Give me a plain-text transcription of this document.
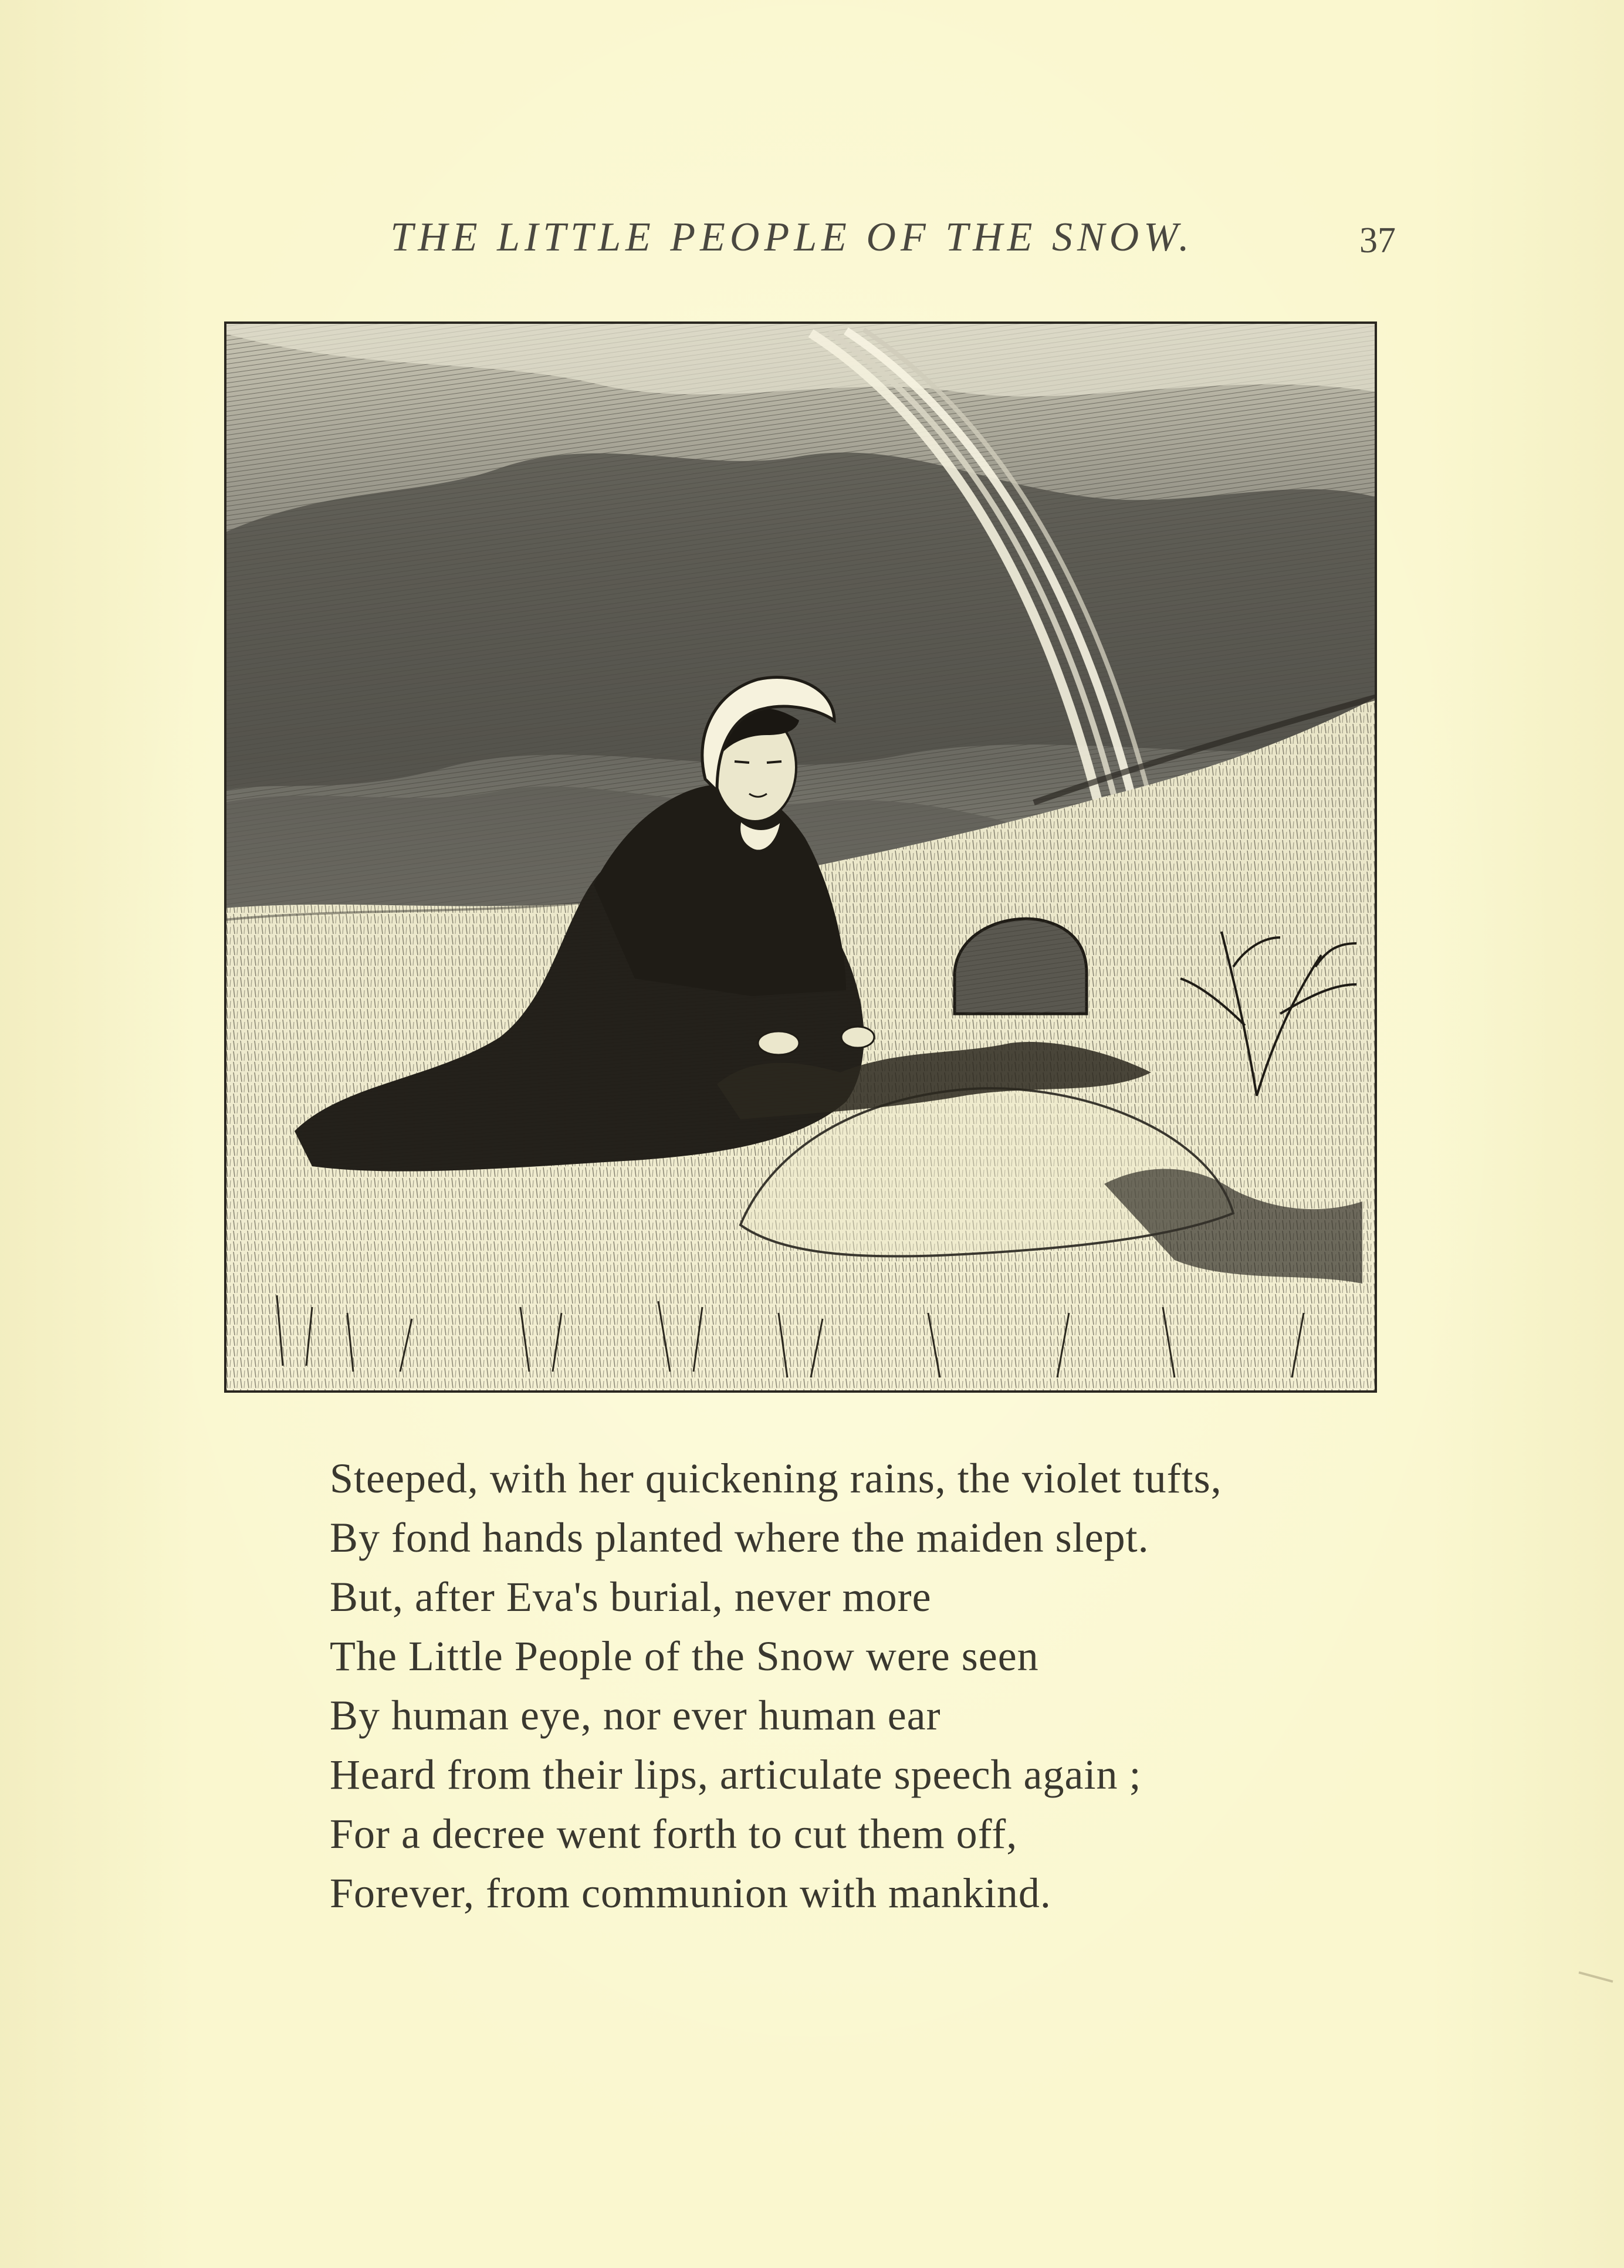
THE LITTLE PEOPLE OF THE SNOW.	37
Steeped, with her quickening rains, the violet tufts,
By fond hands planted where the maiden slept.
But, after Eva's burial, never more
The Little People of the Snow were seen
By human eye, nor ever human ear
Heard from their lips, articulate speech again ;
For a decree went forth to cut them off,
Forever, from communion with mankind.
